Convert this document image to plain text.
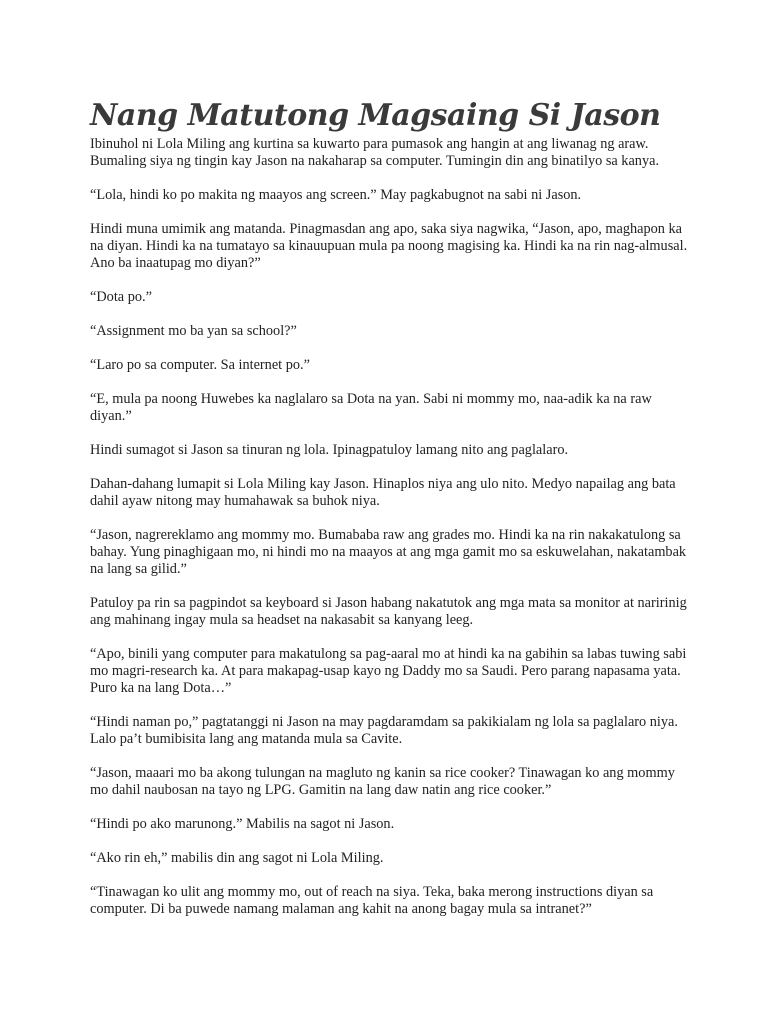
Nang Matutong Magsaing Si Jason

Ibinuhol ni Lola Miling ang kurtina sa kuwarto para pumasok ang hangin at ang liwanag ng araw. Bumaling siya ng tingin kay Jason na nakaharap sa computer. Tumingin din ang binatilyo sa kanya.

“Lola, hindi ko po makita ng maayos ang screen.” May pagkabugnot na sabi ni Jason.

Hindi muna umimik ang matanda. Pinagmasdan ang apo, saka siya nagwika, “Jason, apo, maghapon ka na diyan. Hindi ka na tumatayo sa kinauupuan mula pa noong magising ka. Hindi ka na rin nag-almusal. Ano ba inaatupag mo diyan?”

“Dota po.”

“Assignment mo ba yan sa school?”

“Laro po sa computer. Sa internet po.”

“E, mula pa noong Huwebes ka naglalaro sa Dota na yan. Sabi ni mommy mo, naa-adik ka na raw diyan.”

Hindi sumagot si Jason sa tinuran ng lola. Ipinagpatuloy lamang nito ang paglalaro.

Dahan-dahang lumapit si Lola Miling kay Jason. Hinaplos niya ang ulo nito. Medyo napailag ang bata dahil ayaw nitong may humahawak sa buhok niya.

“Jason, nagrereklamo ang mommy mo. Bumababa raw ang grades mo. Hindi ka na rin nakakatulong sa bahay. Yung pinaghigaan mo, ni hindi mo na maayos at ang mga gamit mo sa eskuwelahan, nakatambak na lang sa gilid.”

Patuloy pa rin sa pagpindot sa keyboard si Jason habang nakatutok ang mga mata sa monitor at naririnig ang mahinang ingay mula sa headset na nakasabit sa kanyang leeg.

“Apo, binili yang computer para makatulong sa pag-aaral mo at hindi ka na gabihin sa labas tuwing sabi mo magri-research ka. At para makapag-usap kayo ng Daddy mo sa Saudi. Pero parang napasama yata. Puro ka na lang Dota…”

“Hindi naman po,” pagtatanggi ni Jason na may pagdaramdam sa pakikialam ng lola sa paglalaro niya. Lalo pa’t bumibisita lang ang matanda mula sa Cavite.

“Jason, maaari mo ba akong tulungan na magluto ng kanin sa rice cooker? Tinawagan ko ang mommy mo dahil naubosan na tayo ng LPG. Gamitin na lang daw natin ang rice cooker.”

“Hindi po ako marunong.” Mabilis na sagot ni Jason.

“Ako rin eh,” mabilis din ang sagot ni Lola Miling.

“Tinawagan ko ulit ang mommy mo, out of reach na siya. Teka, baka merong instructions diyan sa computer. Di ba puwede namang malaman ang kahit na anong bagay mula sa intranet?”
